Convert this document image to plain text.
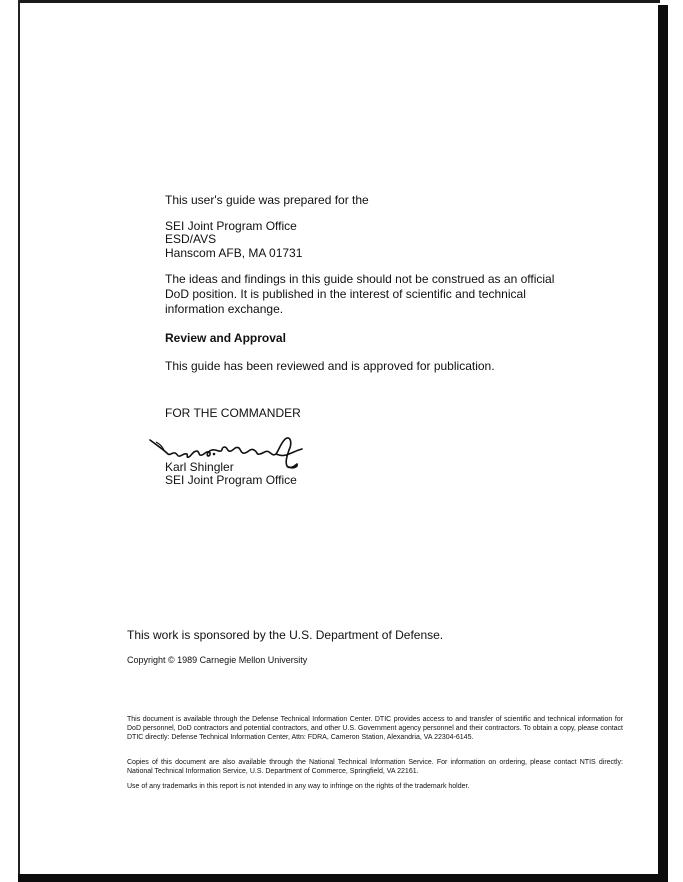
This user's guide was prepared for the

SEI Joint Program Office

ESD/AVS

Hanscom AFB, MA 01731

The ideas and findings in this guide should not be construed as an official DoD position. It is published in the interest of scientific and technical information exchange.

Review and Approval

This guide has been reviewed and is approved for publication.

FOR THE COMMANDER

Karl Shingler

SEI Joint Program Office

This work is sponsored by the U.S. Department of Defense.

Copyright © 1989 Carnegie Mellon University

This document is available through the Defense Technical Information Center. DTIC provides access to and transfer of scientific and technical information for DoD personnel, DoD contractors and potential contractors, and other U.S. Government agency personnel and their contractors. To obtain a copy, please contact DTIC directly: Defense Technical Information Center, Attn: FDRA, Cameron Station, Alexandria, VA 22304-6145.

Copies of this document are also available through the National Technical Information Service. For information on ordering, please contact NTIS directly: National Technical Information Service, U.S. Department of Commerce, Springfield, VA 22161.

Use of any trademarks in this report is not intended in any way to infringe on the rights of the trademark holder.
